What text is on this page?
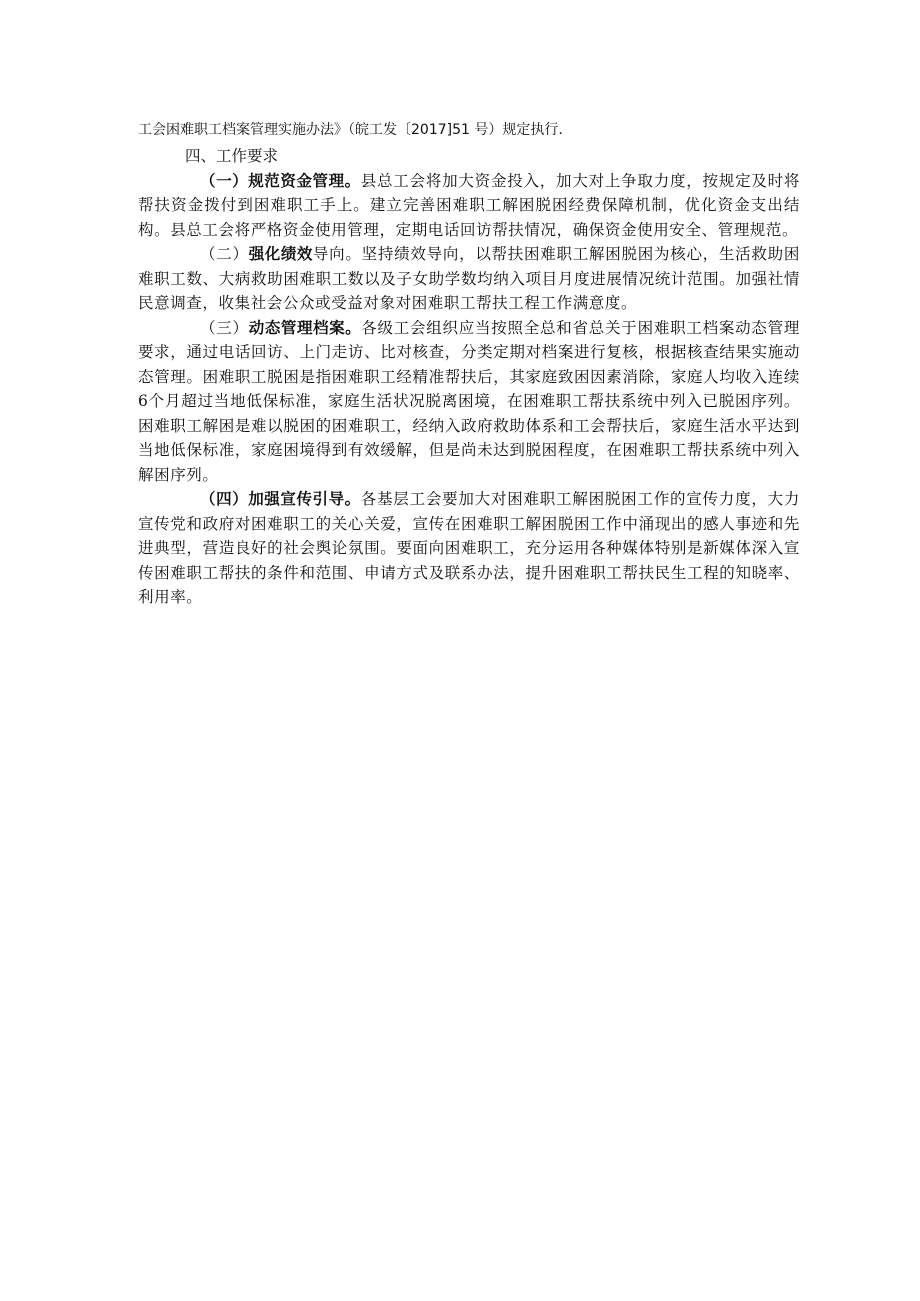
工会困难职工档案管理实施办法》（皖工发〔2017]51 号）规定执行.
四、工作要求

（一）规范资金管理。县总工会将加大资金投入，加大对上争取力度，按规定及时将帮扶资金拨付到困难职工手上。建立完善困难职工解困脱困经费保障机制，优化资金支出结构。县总工会将严格资金使用管理，定期电话回访帮扶情况，确保资金使用安全、管理规范。

（二）强化绩效导向。坚持绩效导向，以帮扶困难职工解困脱困为核心，生活救助困难职工数、大病救助困难职工数以及子女助学数均纳入项目月度进展情况统计范围。加强社情民意调查，收集社会公众或受益对象对困难职工帮扶工程工作满意度。

（三）动态管理档案。各级工会组织应当按照全总和省总关于困难职工档案动态管理要求，通过电话回访、上门走访、比对核查，分类定期对档案进行复核，根据核查结果实施动态管理。困难职工脱困是指困难职工经精准帮扶后，其家庭致困因素消除，家庭人均收入连续6个月超过当地低保标准，家庭生活状况脱离困境，在困难职工帮扶系统中列入已脱困序列。困难职工解困是难以脱困的困难职工，经纳入政府救助体系和工会帮扶后，家庭生活水平达到当地低保标准，家庭困境得到有效缓解，但是尚未达到脱困程度，在困难职工帮扶系统中列入解困序列。

（四）加强宣传引导。各基层工会要加大对困难职工解困脱困工作的宣传力度，大力宣传党和政府对困难职工的关心关爱，宣传在困难职工解困脱困工作中涌现出的感人事迹和先进典型，营造良好的社会舆论氛围。要面向困难职工，充分运用各种媒体特别是新媒体深入宣传困难职工帮扶的条件和范围、申请方式及联系办法，提升困难职工帮扶民生工程的知晓率、利用率。
